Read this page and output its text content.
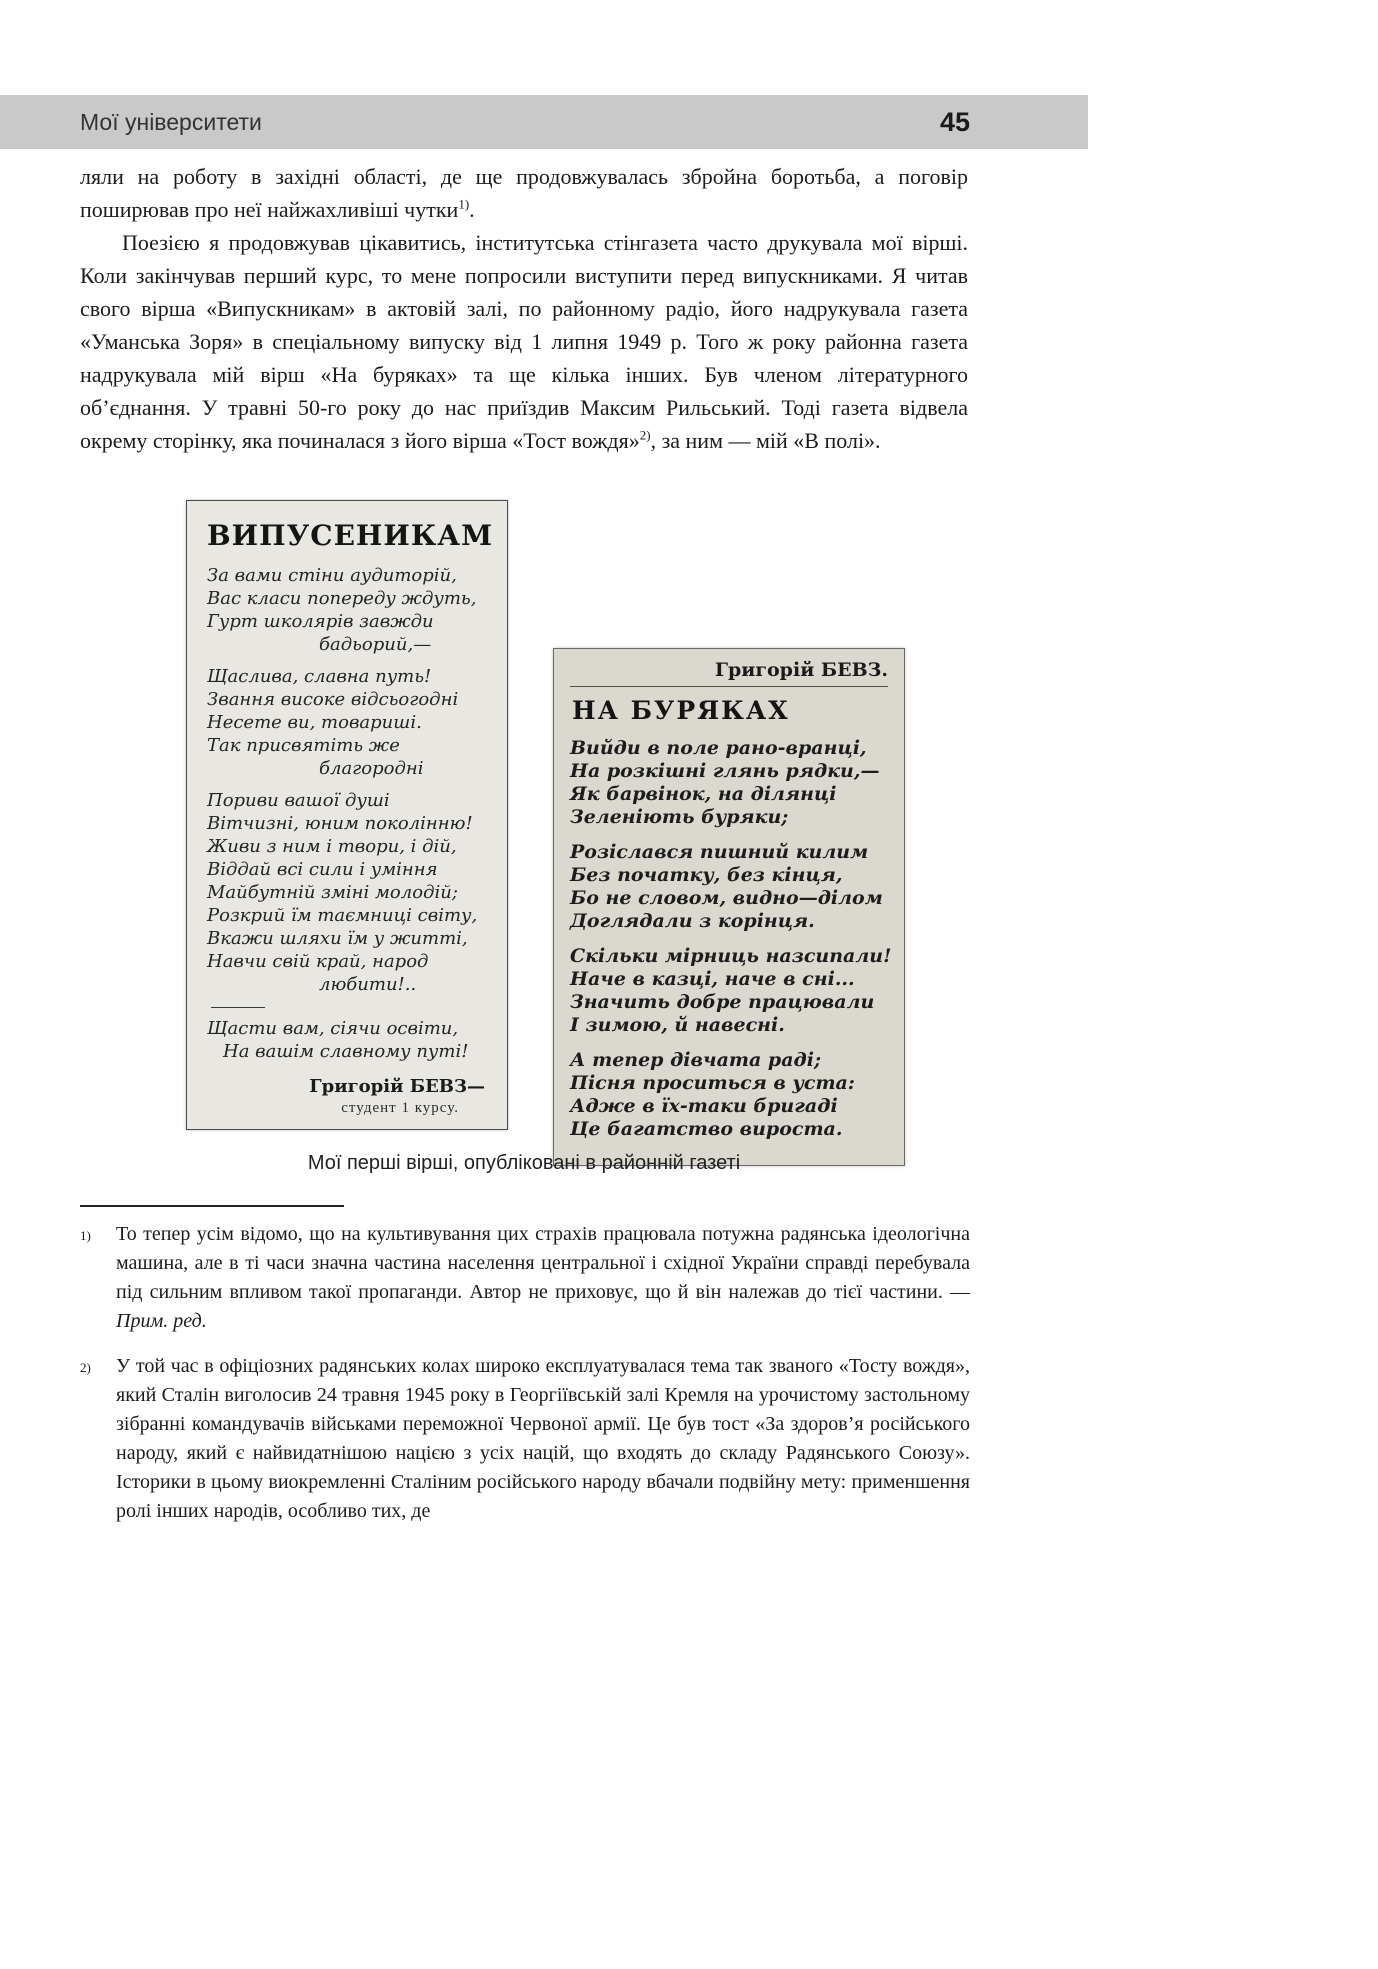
Мої університети	45
ляли на роботу в західні області, де ще продовжувалась збройна боротьба, а поговір поширював про неї найжахливіші чутки$^{1)}$.
Поезією я продовжував цікавитись, інститутська стінгазета часто друкувала мої вірші. Коли закінчував перший курс, то мене попросили виступити перед випускниками. Я читав свого вірша «Випускникам» в актовій залі, по районному радіо, його надрукувала газета «Уманська Зоря» в спеціальному випуску від 1 липня 1949 р. Того ж року районна газета надрукувала мій вірш «На буряках» та ще кілька інших. Був членом літературного об’єднання. У травні 50-го року до нас приїздив Максим Рильський. Тоді газета відвела окрему сторінку, яка починалася з його вірша «Тост вождя»$^{2)}$, за ним — мій «В полі».
ВИПУСЕНИКАМ
За вами стіни аудиторій,
Вас класи попереду ждуть,
Гурт школярів завжди
бадьорий,—
Щаслива, славна путь!
Звання високе відсьогодні
Несете ви, товариші.
Так присвятіть же
благородні
Пориви вашої душі
Вітчизні, юним поколінню!
Живи з ним і твори, і дій,
Віддай всі сили і уміння
Майбутній зміні молодій;
Розкрий їм таємниці світу,
Вкажи шляхи їм у житті,
Навчи свій край, народ
любити!..
Щасти вам, сіячи освіти,
На вашім славному путі!
Григорій БЕВЗ—
студент 1 курсу.
Григорій БЕВЗ.
НА БУРЯКАХ
Вийди в поле рано-вранці,
На розкішні глянь рядки,—
Як барвінок, на ділянці
Зеленіють буряки;
Розіслався пишний килим
Без початку, без кінця,
Бо не словом, видно—ділом
Доглядали з корінця.
Скільки мірниць назсипали!
Наче в казці, наче в сні...
Значить добре працювали
І зимою, й навесні.
А тепер дівчата раді;
Пісня проситься в уста:
Адже в їх-таки бригаді
Це багатство вироста.
Мої перші вірші, опубліковані в районній газеті
1) То тепер усім відомо, що на культивування цих страхів працювала потужна радянська ідеологічна машина, але в ті часи значна частина населення центральної і східної України справді перебувала під сильним впливом такої пропаганди. Автор не приховує, що й він належав до тієї частини. — Прим. ред.
2) У той час в офіціозних радянських колах широко експлуатувалася тема так званого «Тосту вождя», який Сталін виголосив 24 травня 1945 року в Георгіївській залі Кремля на урочистому застольному зібранні командувачів військами переможної Червоної армії. Це був тост «За здоров’я російського народу, який є найвидатнішою нацією з усіх націй, що входять до складу Радянського Союзу». Історики в цьому виокремленні Сталіним російського народу вбачали подвійну мету: применшення ролі інших народів, особливо тих, де
